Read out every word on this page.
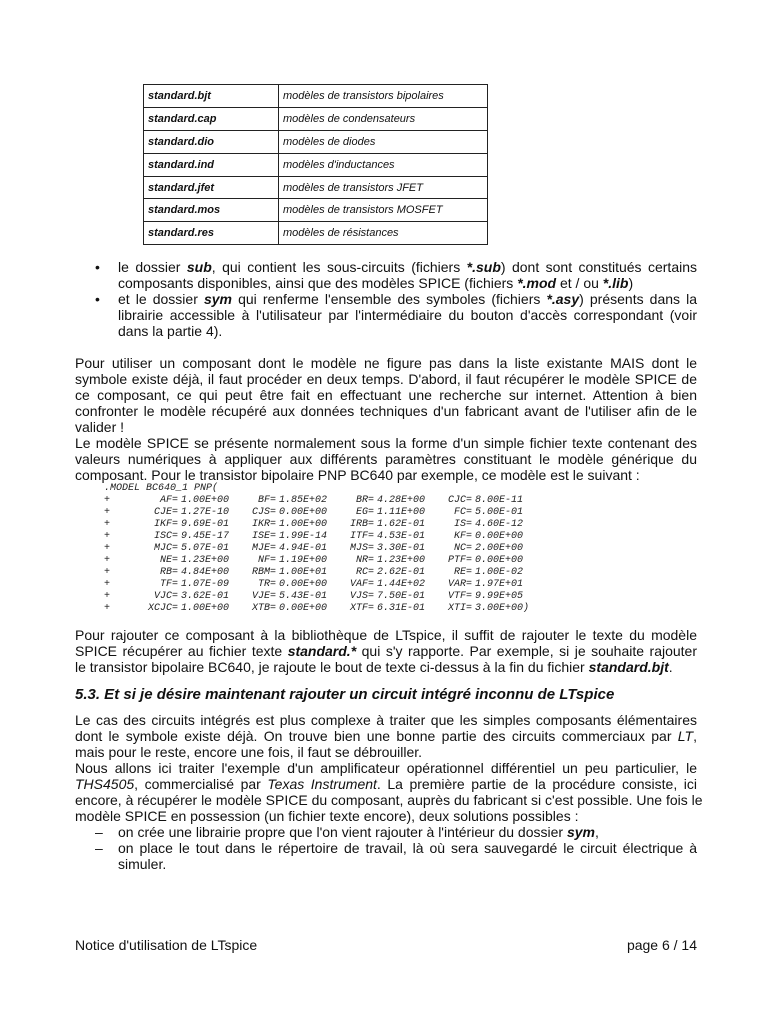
standard.bjt	modèles de transistors bipolaires
standard.cap	modèles de condensateurs
standard.dio	modèles de diodes
standard.ind	modèles d'inductances
standard.jfet	modèles de transistors JFET
standard.mos	modèles de transistors MOSFET
standard.res	modèles de résistances
• le dossier sub, qui contient les sous-circuits (fichiers *.sub) dont sont constitués certains
composants disponibles, ainsi que des modèles SPICE (fichiers *.mod et / ou *.lib)
• et le dossier sym qui renferme l'ensemble des symboles (fichiers *.asy) présents dans la
librairie accessible à l'utilisateur par l'intermédiaire du bouton d'accès correspondant (voir
dans la partie 4).
Pour utiliser un composant dont le modèle ne figure pas dans la liste existante MAIS dont le
symbole existe déjà, il faut procéder en deux temps. D'abord, il faut récupérer le modèle SPICE de
ce composant, ce qui peut être fait en effectuant une recherche sur internet. Attention à bien
confronter le modèle récupéré aux données techniques d'un fabricant avant de l'utiliser afin de le
valider !
Le modèle SPICE se présente normalement sous la forme d'un simple fichier texte contenant des
valeurs numériques à appliquer aux différents paramètres constituant le modèle générique du
composant. Pour le transistor bipolaire PNP BC640 par exemple, ce modèle est le suivant :
.MODEL BC640_1 PNP(
+	AF= 1.00E+00	BF= 1.85E+02	BR= 4.28E+00	CJC= 8.00E-11
+	CJE= 1.27E-10	CJS= 0.00E+00	EG= 1.11E+00	FC= 5.00E-01
+	IKF= 9.69E-01	IKR= 1.00E+00	IRB= 1.62E-01	IS= 4.60E-12
+	ISC= 9.45E-17	ISE= 1.99E-14	ITF= 4.53E-01	KF= 0.00E+00
+	MJC= 5.07E-01	MJE= 4.94E-01	MJS= 3.30E-01	NC= 2.00E+00
+	NE= 1.23E+00	NF= 1.19E+00	NR= 1.23E+00	PTF= 0.00E+00
+	RB= 4.84E+00	RBM= 1.00E+01	RC= 2.62E-01	RE= 1.00E-02
+	TF= 1.07E-09	TR= 0.00E+00	VAF= 1.44E+02	VAR= 1.97E+01
+	VJC= 3.62E-01	VJE= 5.43E-01	VJS= 7.50E-01	VTF= 9.99E+05
+	XCJC= 1.00E+00	XTB= 0.00E+00	XTF= 6.31E-01	XTI= 3.00E+00)
Pour rajouter ce composant à la bibliothèque de LTspice, il suffit de rajouter le texte du modèle
SPICE récupérer au fichier texte standard.* qui s'y rapporte. Par exemple, si je souhaite rajouter
le transistor bipolaire BC640, je rajoute le bout de texte ci-dessus à la fin du fichier standard.bjt.
5.3. Et si je désire maintenant rajouter un circuit intégré inconnu de LTspice
Le cas des circuits intégrés est plus complexe à traiter que les simples composants élémentaires
dont le symbole existe déjà. On trouve bien une bonne partie des circuits commerciaux par LT,
mais pour le reste, encore une fois, il faut se débrouiller.
Nous allons ici traiter l'exemple d'un amplificateur opérationnel différentiel un peu particulier, le
THS4505, commercialisé par Texas Instrument. La première partie de la procédure consiste, ici
encore, à récupérer le modèle SPICE du composant, auprès du fabricant si c'est possible. Une fois le
modèle SPICE en possession (un fichier texte encore), deux solutions possibles :
– on crée une librairie propre que l'on vient rajouter à l'intérieur du dossier sym,
– on place le tout dans le répertoire de travail, là où sera sauvegardé le circuit électrique à
simuler.
Notice d'utilisation de LTspice	page 6 / 14
